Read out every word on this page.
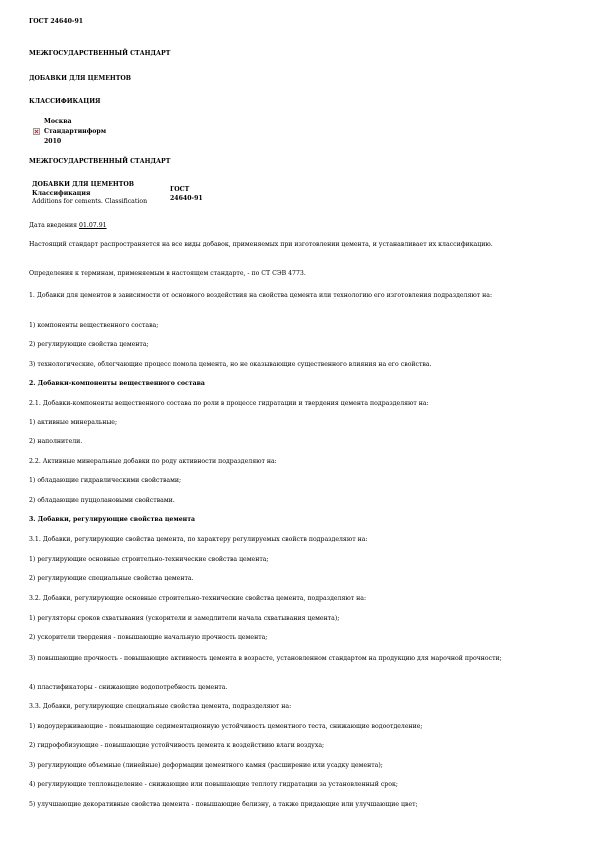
ГОСТ 24640-91
МЕЖГОСУДАРСТВЕННЫЙ СТАНДАРТ
ДОБАВКИ ДЛЯ ЦЕМЕНТОВ
КЛАССИФИКАЦИЯ
Москва
Стандартинформ
2010
МЕЖГОСУДАРСТВЕННЫЙ СТАНДАРТ
ДОБАВКИ ДЛЯ ЦЕМЕНТОВ
Классификация
Additions for cements. Classification
ГОСТ
24640-91
Дата введения 01.07.91
Настоящий стандарт распространяется на все виды добавок, применяемых при изготовлении цемента, и устанавливает их классификацию.
Определения к терминам, применяемым в настоящем стандарте, - по СТ СЭВ 4773.
1. Добавки для цементов в зависимости от основного воздействия на свойства цемента или технологию его изготовления подразделяют на:
1) компоненты вещественного состава;
2) регулирующие свойства цемента;
3) технологические, облегчающие процесс помола цемента, но не оказывающие существенного влияния на его свойства.
2. Добавки-компоненты вещественного состава
2.1. Добавки-компоненты вещественного состава по роли в процессе гидратации и твердения цемента подразделяют на:
1) активные минеральные;
2) наполнители.
2.2. Активные минеральные добавки по роду активности подразделяют на:
1) обладающие гидравлическими свойствами;
2) обладающие пуццолановыми свойствами.
3. Добавки, регулирующие свойства цемента
3.1. Добавки, регулирующие свойства цемента, по характеру регулируемых свойств подразделяют на:
1) регулирующие основные строительно-технические свойства цемента;
2) регулирующие специальные свойства цемента.
3.2. Добавки, регулирующие основные строительно-технические свойства цемента, подразделяют на:
1) регуляторы сроков схватывания (ускорители и замедлители начала схватывания цемента);
2) ускорители твердения - повышающие начальную прочность цемента;
3) повышающие прочность - повышающие активность цемента в возрасте, установленном стандартом на продукцию для марочной прочности;
4) пластификаторы - снижающие водопотребность цемента.
3.3. Добавки, регулирующие специальные свойства цемента, подразделяют на:
1) водоудерживающие - повышающие седиментационную устойчивость цементного теста, снижающие водоотделение;
2) гидрофобизующие - повышающие устойчивость цемента к воздействию влаги воздуха;
3) регулирующие объемные (линейные) деформации цементного камня (расширение или усадку цемента);
4) регулирующие тепловыделение - снижающие или повышающие теплоту гидратации за установленный срок;
5) улучшающие декоративные свойства цемента - повышающие белизну, а также придающие или улучшающие цвет;
